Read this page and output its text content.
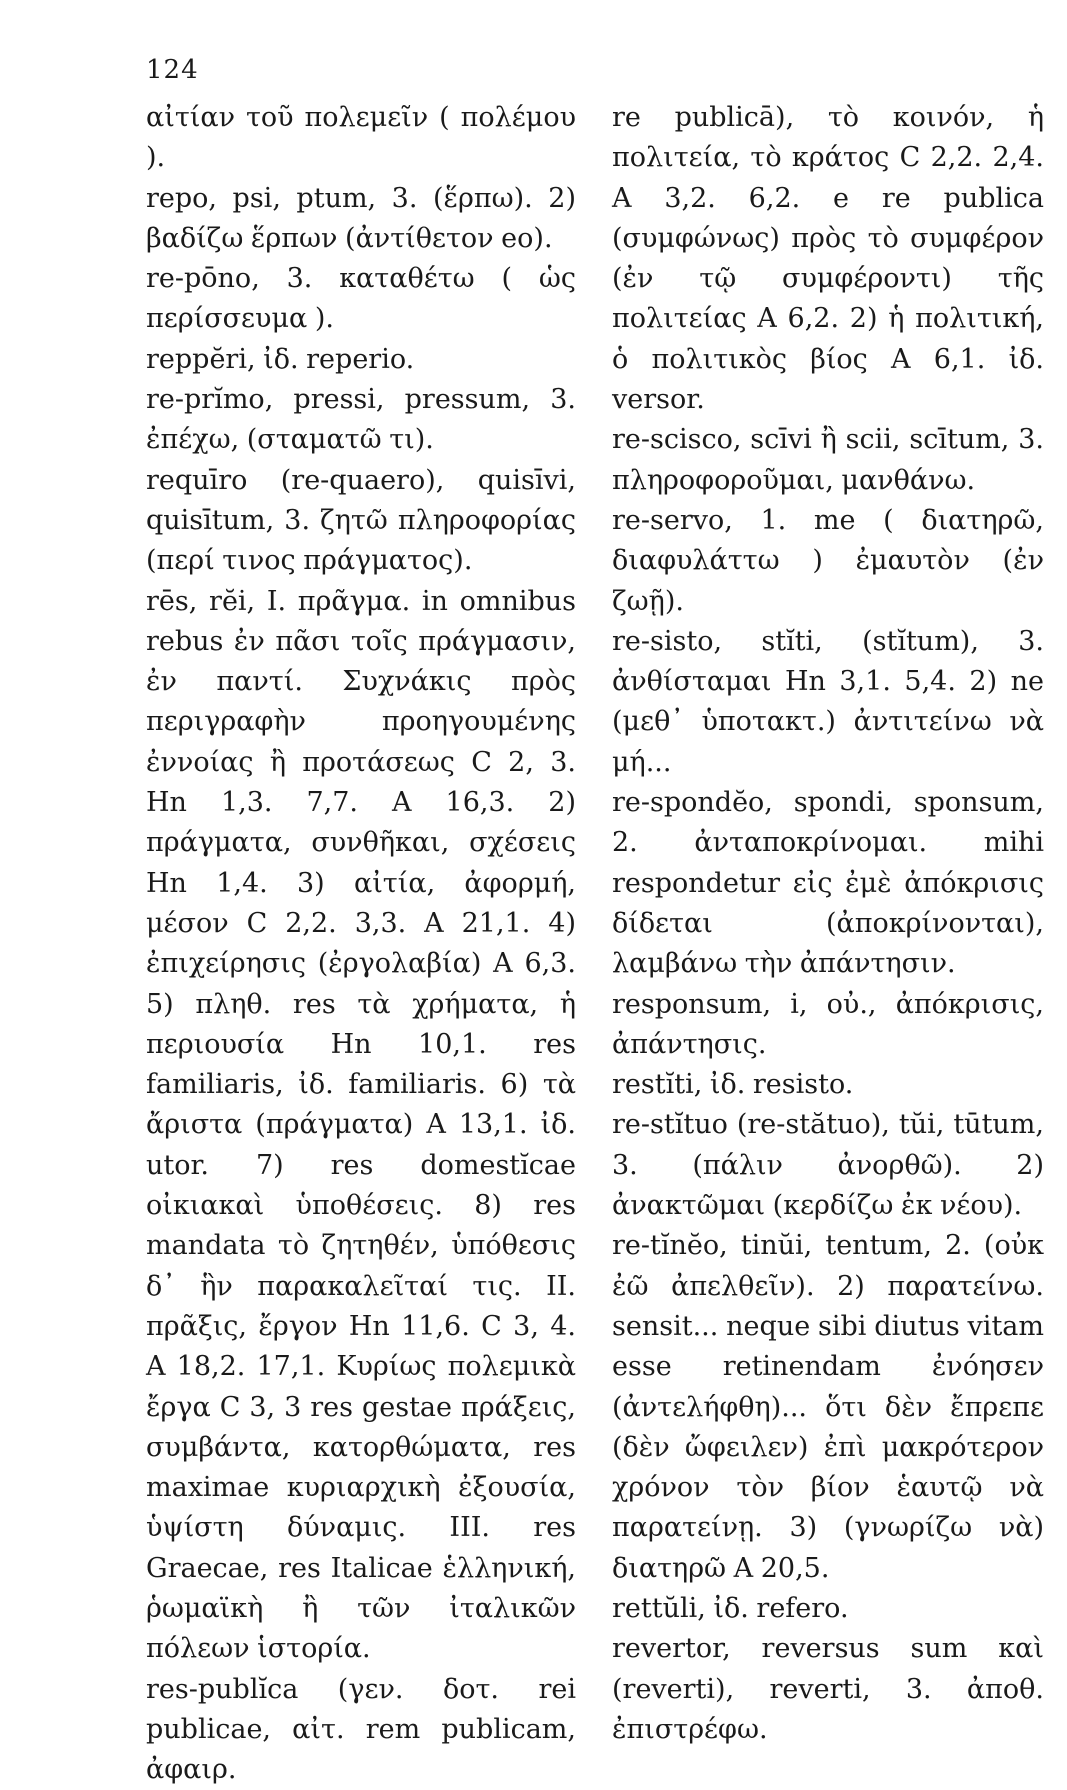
124

αἰτίαν τοῦ πολεμεῖν ( πολέμου ).

repo, psi, ptum, 3. (ἕρπω). 2) βαδίζω ἕρπων (ἀντίθετον eo).

re-pōno, 3. καταθέτω ( ὡς περίσσευμα ).

reppĕri, ἰδ. reperio.

re-prĭmo, pressi, pressum, 3. ἐπέχω, (σταματῶ τι).

requīro (re-quaero), quisīvi, quisītum, 3. ζητῶ πληροφορίας (περί τινος πράγματος).

rēs, rĕi, I. πρᾶγμα. in omnibus rebus ἐν πᾶσι τοῖς πράγμασιν, ἐν παντί. Συχνάκις πρὸς περιγραφὴν προηγουμένης ἐννοίας ἢ προτάσεως C 2, 3. Hn 1,3. 7,7. A 16,3. 2) πράγματα, συνθῆκαι, σχέσεις Hn 1,4. 3) αἰτία, ἀφορμή, μέσον C 2,2. 3,3. A 21,1. 4) ἐπιχείρησις (ἐργολαβία) A 6,3. 5) πληθ. res τὰ χρήματα, ἡ περιουσία Hn 10,1. res familiaris, ἰδ. familiaris. 6) τὰ ἄριστα (πράγματα) A 13,1. ἰδ. utor. 7) res domestĭcae οἰκιακαὶ ὑποθέσεις. 8) res mandata τὸ ζητηθέν, ὑπόθεσις δ᾽ ἣν παρακαλεῖταί τις. II. πρᾶξις, ἔργον Hn 11,6. C 3, 4. A 18,2. 17,1. Κυρίως πολεμικὰ ἔργα C 3, 3 res gestae πράξεις, συμβάντα, κατορθώματα, res maximae κυριαρχικὴ ἐξουσία, ὑψίστη δύναμις. III. res Graecae, res Italicae ἑλληνική, ῥωμαϊκὴ ἢ τῶν ἰταλικῶν πόλεων ἱστορία.

res-publĭca (γεν. δοτ. rei publicae, αἰτ. rem publicam, ἀφαιρ.

re publicā), τὸ κοινόν, ἡ πολιτεία, τὸ κράτος C 2,2. 2,4. A 3,2. 6,2. e re publica (συμφώνως) πρὸς τὸ συμφέρον (ἐν τῷ συμφέροντι) τῆς πολιτείας A 6,2. 2) ἡ πολιτική, ὁ πολιτικὸς βίος A 6,1. ἰδ. versor.

re-scisco, scīvi ἢ scii, scītum, 3. πληροφοροῦμαι, μανθάνω.

re-servo, 1. me ( διατηρῶ, διαφυλάττω ) ἐμαυτὸν (ἐν ζωῇ).

re-sisto, stĭti, (stĭtum), 3. ἀνθίσταμαι Hn 3,1. 5,4. 2) ne (μεθ᾽ ὑποτακτ.) ἀντιτείνω νὰ μή...

re-spondĕo, spondi, sponsum, 2. ἀνταποκρίνομαι. mihi respondetur εἰς ἐμὲ ἀπόκρισις δίδεται (ἀποκρίνονται), λαμβάνω τὴν ἀπάντησιν.

responsum, i, οὐ., ἀπόκρισις, ἀπάντησις.

restĭti, ἰδ. resisto.

re-stĭtuo (re-stătuo), tŭi, tūtum, 3. (πάλιν ἀνορθῶ). 2) ἀνακτῶμαι (κερδίζω ἐκ νέου).

re-tĭnĕo, tinŭi, tentum, 2. (οὐκ ἐῶ ἀπελθεῖν). 2) παρατείνω. sensit... neque sibi diutus vitam esse retinendam ἐνόησεν (ἀντελήφθη)... ὅτι δὲν ἔπρεπε (δὲν ὤφειλεν) ἐπὶ μακρότερον χρόνον τὸν βίον ἑαυτῷ νὰ παρατείνῃ. 3) (γνωρίζω νὰ) διατηρῶ A 20,5.

rettŭli, ἰδ. refero.

revertor, reversus sum καὶ (reverti), reverti, 3. ἀποθ. ἐπιστρέφω.
